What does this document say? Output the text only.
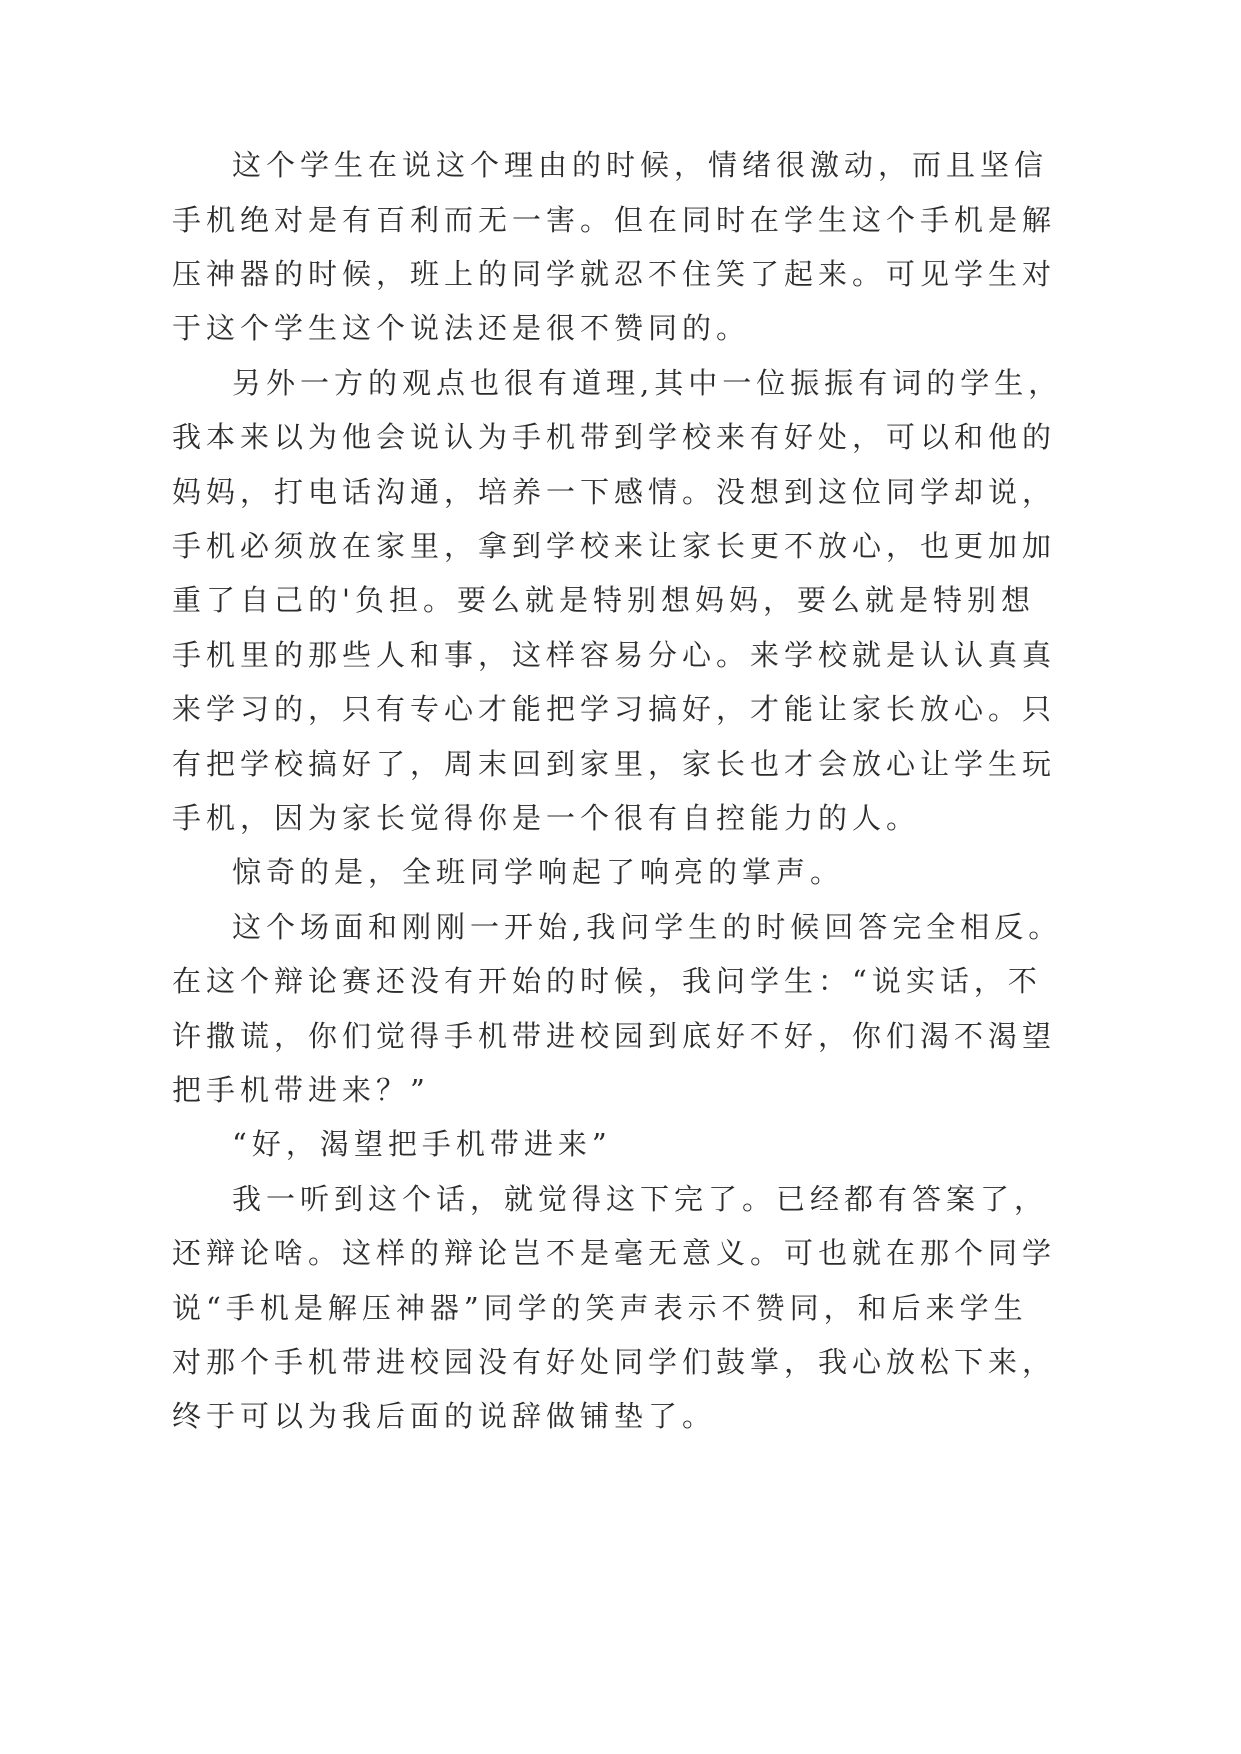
这个学生在说这个理由的时候，情绪很激动，而且坚信

手机绝对是有百利而无一害。但在同时在学生这个手机是解

压神器的时候，班上的同学就忍不住笑了起来。可见学生对

于这个学生这个说法还是很不赞同的。

另外一方的观点也很有道理,其中一位振振有词的学生，

我本来以为他会说认为手机带到学校来有好处，可以和他的

妈妈，打电话沟通，培养一下感情。没想到这位同学却说，

手机必须放在家里，拿到学校来让家长更不放心，也更加加

重了自己的'负担。要么就是特别想妈妈，要么就是特别想

手机里的那些人和事，这样容易分心。来学校就是认认真真

来学习的，只有专心才能把学习搞好，才能让家长放心。只

有把学校搞好了，周末回到家里，家长也才会放心让学生玩

手机，因为家长觉得你是一个很有自控能力的人。

惊奇的是，全班同学响起了响亮的掌声。

这个场面和刚刚一开始,我问学生的时候回答完全相反。

在这个辩论赛还没有开始的时候，我问学生：“说实话，不

许撒谎，你们觉得手机带进校园到底好不好，你们渴不渴望

把手机带进来？”

“好，渴望把手机带进来”

我一听到这个话，就觉得这下完了。已经都有答案了，

还辩论啥。这样的辩论岂不是毫无意义。可也就在那个同学

说“手机是解压神器”同学的笑声表示不赞同，和后来学生

对那个手机带进校园没有好处同学们鼓掌，我心放松下来，

终于可以为我后面的说辞做铺垫了。
